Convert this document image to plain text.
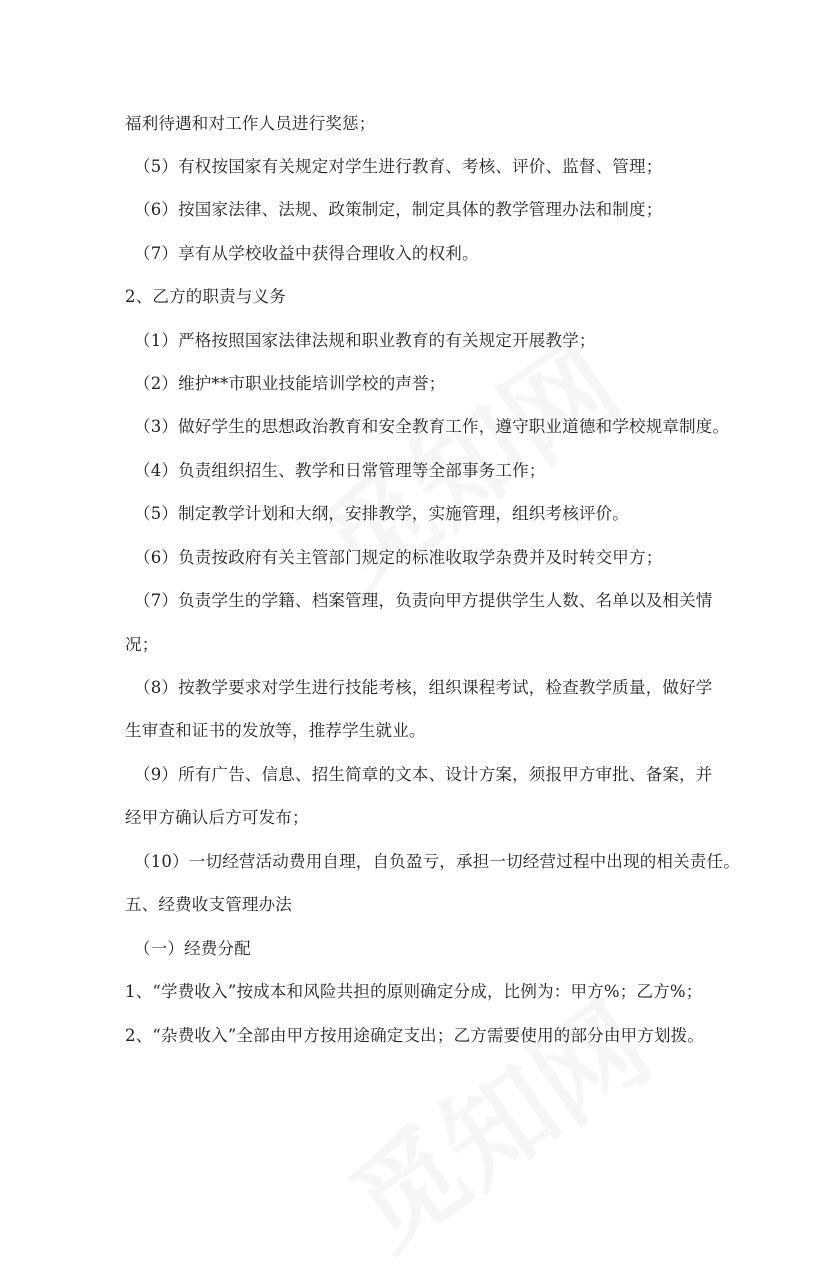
福利待遇和对工作人员进行奖惩；
（5）有权按国家有关规定对学生进行教育、考核、评价、监督、管理；
（6）按国家法律、法规、政策制定，制定具体的教学管理办法和制度；
（7）享有从学校收益中获得合理收入的权利。
2、乙方的职责与义务
（1）严格按照国家法律法规和职业教育的有关规定开展教学；
（2）维护**市职业技能培训学校的声誉；
（3）做好学生的思想政治教育和安全教育工作，遵守职业道德和学校规章制度。
（4）负责组织招生、教学和日常管理等全部事务工作；
（5）制定教学计划和大纲，安排教学，实施管理，组织考核评价。
（6）负责按政府有关主管部门规定的标准收取学杂费并及时转交甲方；
（7）负责学生的学籍、档案管理，负责向甲方提供学生人数、名单以及相关情
况；
（8）按教学要求对学生进行技能考核，组织课程考试，检查教学质量，做好学
生审查和证书的发放等，推荐学生就业。
（9）所有广告、信息、招生简章的文本、设计方案，须报甲方审批、备案，并
经甲方确认后方可发布；
（10）一切经营活动费用自理，自负盈亏，承担一切经营过程中出现的相关责任。
五、经费收支管理办法
（一）经费分配
1、“学费收入”按成本和风险共担的原则确定分成，比例为：甲方%；乙方%；
2、“杂费收入”全部由甲方按用途确定支出；乙方需要使用的部分由甲方划拨。
